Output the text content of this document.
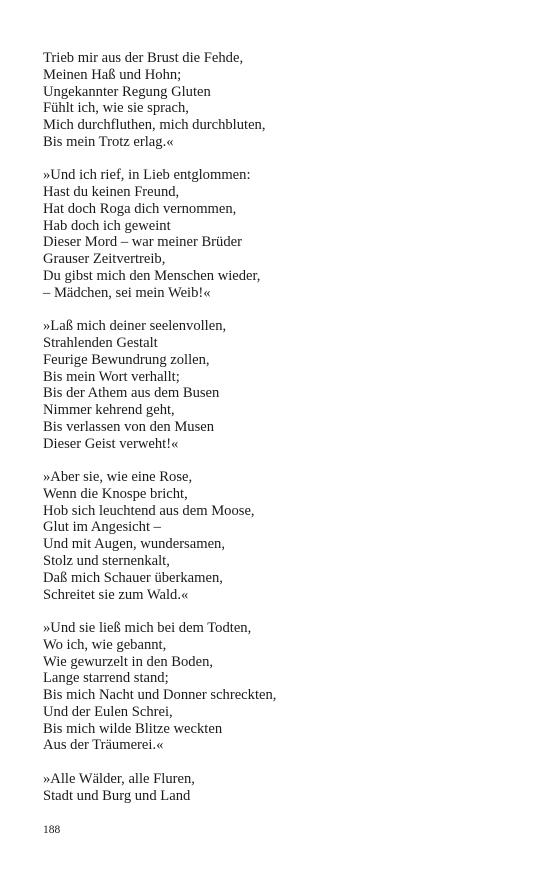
Trieb mir aus der Brust die Fehde,
Meinen Haß und Hohn;
Ungekannter Regung Gluten
Fühlt ich, wie sie sprach,
Mich durchfluthen, mich durchbluten,
Bis mein Trotz erlag.«
»Und ich rief, in Lieb entglommen:
Hast du keinen Freund,
Hat doch Roga dich vernommen,
Hab doch ich geweint
Dieser Mord – war meiner Brüder
Grauser Zeitvertreib,
Du gibst mich den Menschen wieder,
– Mädchen, sei mein Weib!«
»Laß mich deiner seelenvollen,
Strahlenden Gestalt
Feurige Bewundrung zollen,
Bis mein Wort verhallt;
Bis der Athem aus dem Busen
Nimmer kehrend geht,
Bis verlassen von den Musen
Dieser Geist verweht!«
»Aber sie, wie eine Rose,
Wenn die Knospe bricht,
Hob sich leuchtend aus dem Moose,
Glut im Angesicht –
Und mit Augen, wundersamen,
Stolz und sternenkalt,
Daß mich Schauer überkamen,
Schreitet sie zum Wald.«
»Und sie ließ mich bei dem Todten,
Wo ich, wie gebannt,
Wie gewurzelt in den Boden,
Lange starrend stand;
Bis mich Nacht und Donner schreckten,
Und der Eulen Schrei,
Bis mich wilde Blitze weckten
Aus der Träumerei.«
»Alle Wälder, alle Fluren,
Stadt und Burg und Land
188
